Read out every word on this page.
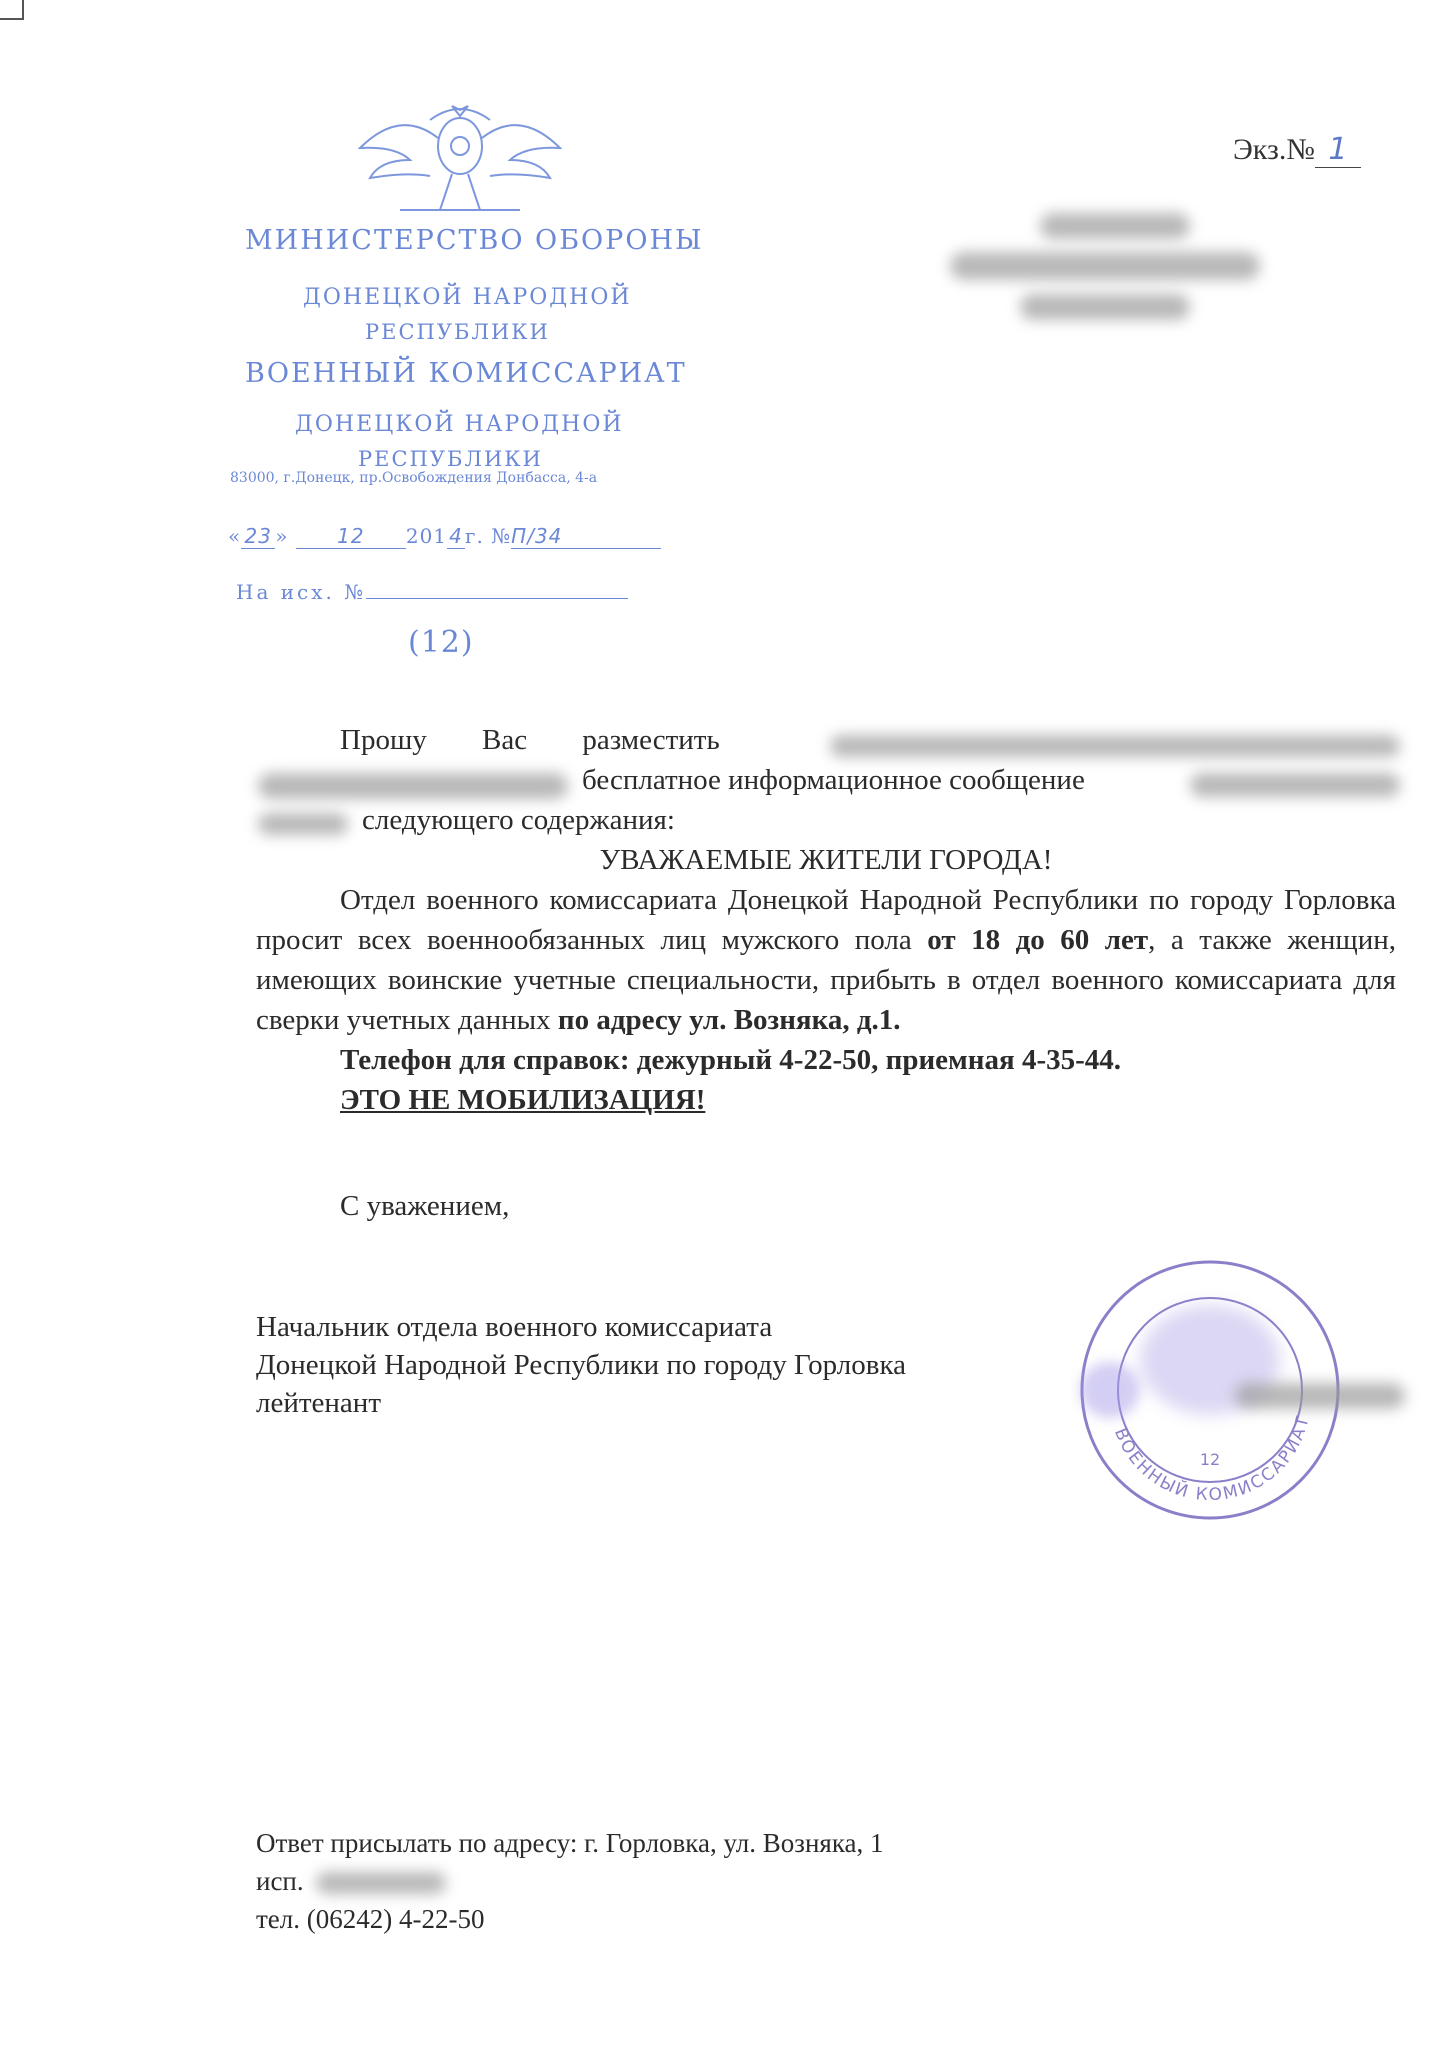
Экз.№ 1
МИНИСТЕРСТВО ОБОРОНЫ
ДОНЕЦКОЙ НАРОДНОЙ
РЕСПУБЛИКИ
ВОЕННЫЙ КОМИССАРИАТ
ДОНЕЦКОЙ НАРОДНОЙ
РЕСПУБЛИКИ
83000, г.Донецк, пр.Освобождения Донбасса, 4-а
« 23 » 12 201 4 г. №П/34
На исх. №
(12)
Прошу Вас разместить
бесплатное информационное сообщение
следующего содержания:
УВАЖАЕМЫЕ ЖИТЕЛИ ГОРОДА!
Отдел военного комиссариата Донецкой Народной Республики по городу Горловка просит всех военнообязанных лиц мужского пола от 18 до 60 лет, а также женщин, имеющих воинские учетные специальности, прибыть в отдел военного комиссариата для сверки учетных данных по адресу ул. Возняка, д.1.
Телефон для справок: дежурный 4-22-50, приемная 4-35-44.
ЭТО НЕ МОБИЛИЗАЦИЯ!
С уважением,
Начальник отдела военного комиссариата
Донецкой Народной Республики по городу Горловка
лейтенант
ВОЕННЫЙ КОМИССАРИАТ
12
Ответ присылать по адресу: г. Горловка, ул. Возняка, 1
исп.
тел. (06242) 4-22-50
